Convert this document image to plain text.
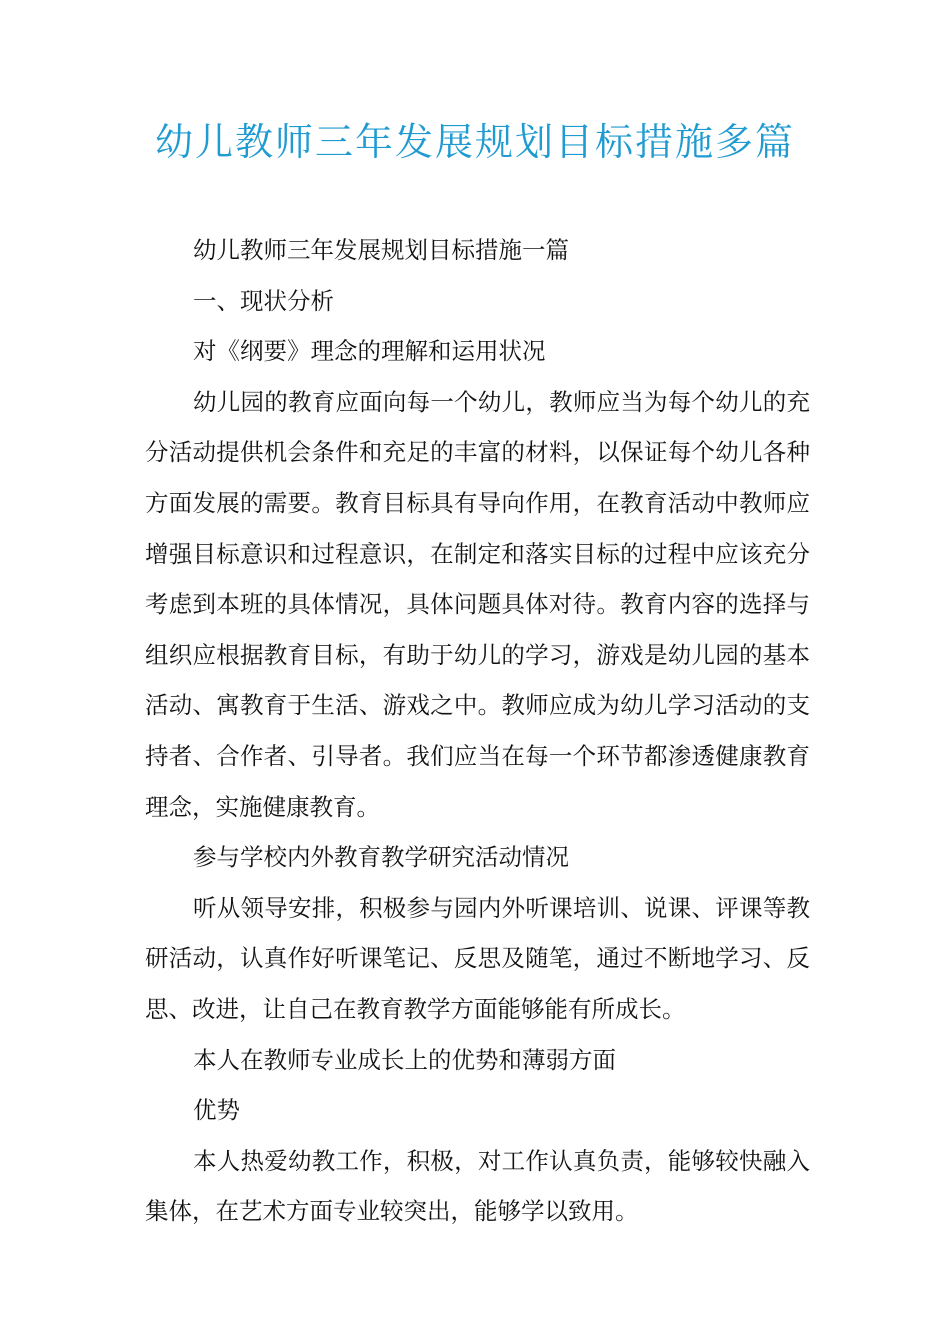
幼儿教师三年发展规划目标措施多篇

幼儿教师三年发展规划目标措施一篇

一、现状分析

对《纲要》理念的理解和运用状况

幼儿园的教育应面向每一个幼儿，教师应当为每个幼儿的充分活动提供机会条件和充足的丰富的材料，以保证每个幼儿各种方面发展的需要。教育目标具有导向作用，在教育活动中教师应增强目标意识和过程意识，在制定和落实目标的过程中应该充分考虑到本班的具体情况，具体问题具体对待。教育内容的选择与组织应根据教育目标，有助于幼儿的学习，游戏是幼儿园的基本活动、寓教育于生活、游戏之中。教师应成为幼儿学习活动的支持者、合作者、引导者。我们应当在每一个环节都渗透健康教育理念，实施健康教育。

参与学校内外教育教学研究活动情况

听从领导安排，积极参与园内外听课培训、说课、评课等教研活动，认真作好听课笔记、反思及随笔，通过不断地学习、反思、改进，让自己在教育教学方面能够能有所成长。

本人在教师专业成长上的优势和薄弱方面

优势

本人热爱幼教工作，积极，对工作认真负责，能够较快融入集体，在艺术方面专业较突出，能够学以致用。
